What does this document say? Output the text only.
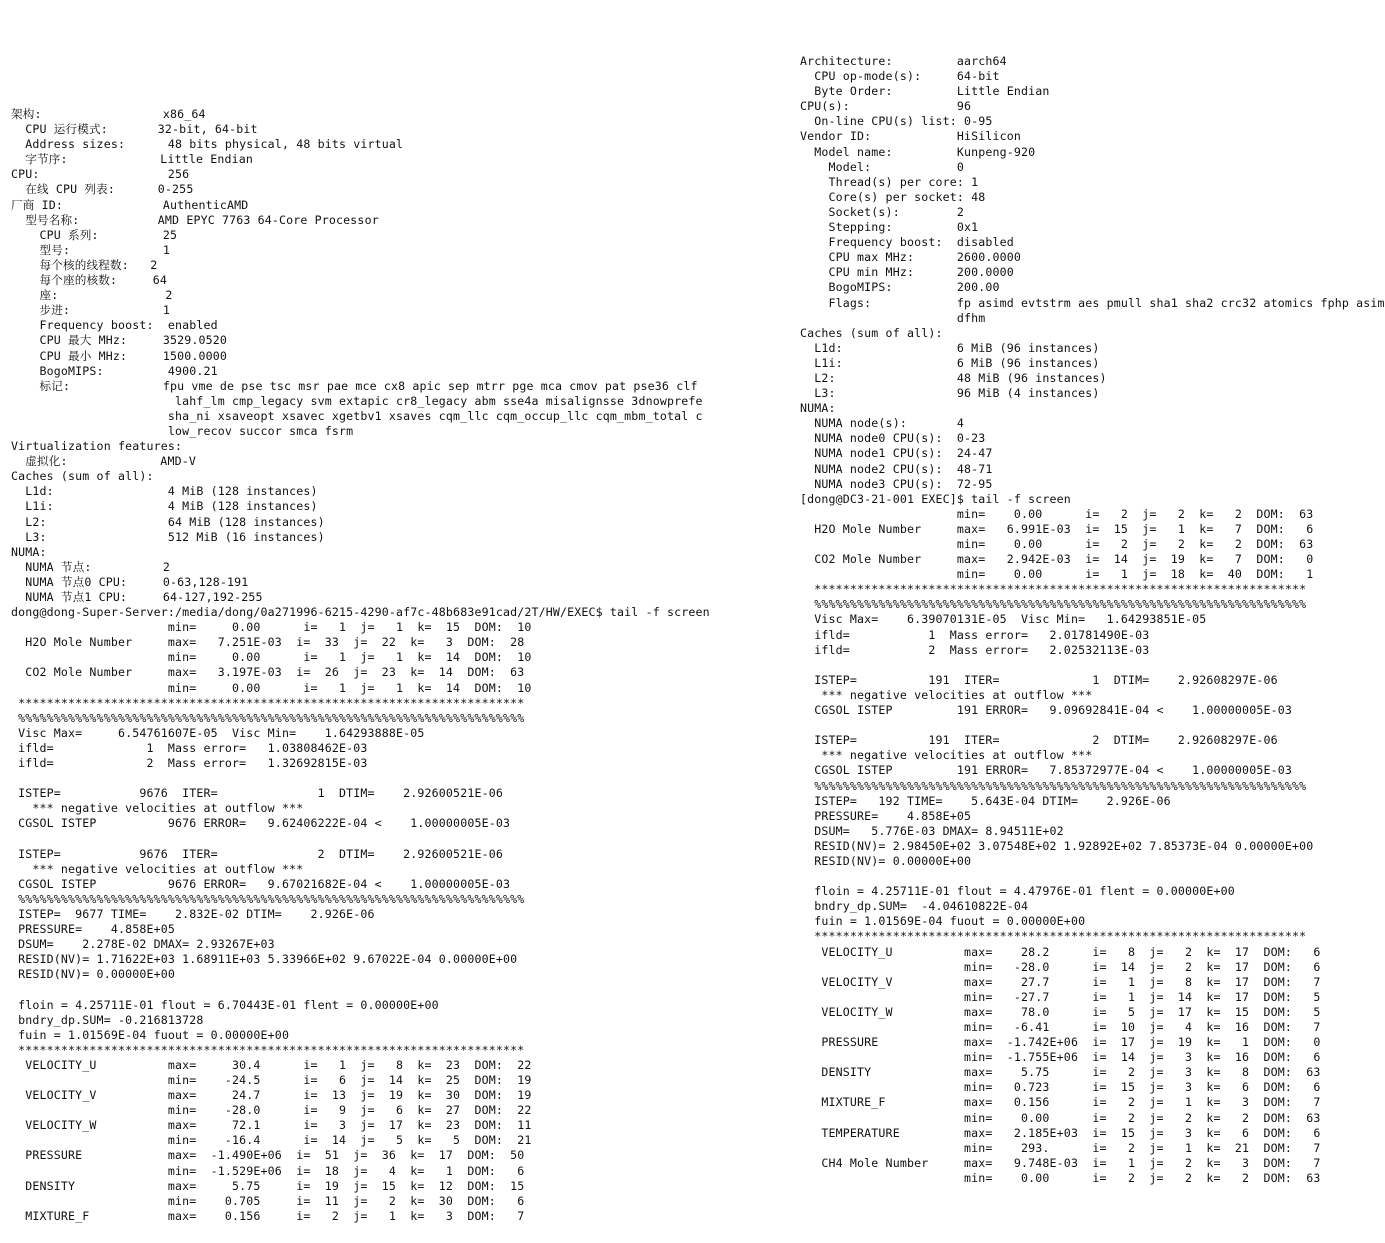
架构:                 x86_64
CPU 运行模式:       32-bit, 64-bit
Address sizes:      48 bits physical, 48 bits virtual
字节序:             Little Endian
CPU:                  256
在线 CPU 列表:      0-255
厂商 ID:              AuthenticAMD
型号名称:           AMD EPYC 7763 64-Core Processor
CPU 系列:         25
型号:             1
每个核的线程数:   2
每个座的核数:     64
座:               2
步进:             1
Frequency boost:  enabled
CPU 最大 MHz:     3529.0520
CPU 最小 MHz:     1500.0000
BogoMIPS:         4900.21
标记:             fpu vme de pse tsc msr pae mce cx8 apic sep mtrr pge mca cmov pat pse36 clf
lahf_lm cmp_legacy svm extapic cr8_legacy abm sse4a misalignsse 3dnowprefe
sha_ni xsaveopt xsavec xgetbv1 xsaves cqm_llc cqm_occup_llc cqm_mbm_total c
low_recov succor smca fsrm
Virtualization features:
虚拟化:             AMD-V
Caches (sum of all):
L1d:                4 MiB (128 instances)
L1i:                4 MiB (128 instances)
L2:                 64 MiB (128 instances)
L3:                 512 MiB (16 instances)
NUMA:
NUMA 节点:          2
NUMA 节点0 CPU:     0-63,128-191
NUMA 节点1 CPU:     64-127,192-255
dong@dong-Super-Server:/media/dong/0a271996-6215-4290-af7c-48b683e91cad/2T/HW/EXEC$ tail -f screen
min=     0.00      i=   1  j=   1  k=  15  DOM:  10
H2O Mole Number     max=   7.251E-03  i=  33  j=  22  k=   3  DOM:  28
min=     0.00      i=   1  j=   1  k=  14  DOM:  10
CO2 Mole Number     max=   3.197E-03  i=  26  j=  23  k=  14  DOM:  63
min=     0.00      i=   1  j=   1  k=  14  DOM:  10
***********************************************************************
%%%%%%%%%%%%%%%%%%%%%%%%%%%%%%%%%%%%%%%%%%%%%%%%%%%%%%%%%%%%%%%%%%%%%%%
Visc Max=     6.54761607E-05  Visc Min=    1.64293888E-05
ifld=             1  Mass error=   1.03808462E-03
ifld=             2  Mass error=   1.32692815E-03
ISTEP=           9676  ITER=              1  DTIM=    2.92600521E-06
*** negative velocities at outflow ***
CGSOL ISTEP          9676 ERROR=   9.62406222E-04 <    1.00000005E-03
ISTEP=           9676  ITER=              2  DTIM=    2.92600521E-06
*** negative velocities at outflow ***
CGSOL ISTEP          9676 ERROR=   9.67021682E-04 <    1.00000005E-03
%%%%%%%%%%%%%%%%%%%%%%%%%%%%%%%%%%%%%%%%%%%%%%%%%%%%%%%%%%%%%%%%%%%%%%%
ISTEP=  9677 TIME=    2.832E-02 DTIM=    2.926E-06
PRESSURE=    4.858E+05
DSUM=    2.278E-02 DMAX= 2.93267E+03
RESID(NV)= 1.71622E+03 1.68911E+03 5.33966E+02 9.67022E-04 0.00000E+00
RESID(NV)= 0.00000E+00
floin = 4.25711E-01 flout = 6.70443E-01 flent = 0.00000E+00
bndry_dp.SUM= -0.216813728
fuin = 1.01569E-04 fuout = 0.00000E+00
***********************************************************************
VELOCITY_U          max=     30.4      i=   1  j=   8  k=  23  DOM:  22
min=    -24.5      i=   6  j=  14  k=  25  DOM:  19
VELOCITY_V          max=     24.7      i=  13  j=  19  k=  30  DOM:  19
min=    -28.0      i=   9  j=   6  k=  27  DOM:  22
VELOCITY_W          max=     72.1      i=   3  j=  17  k=  23  DOM:  11
min=    -16.4      i=  14  j=   5  k=   5  DOM:  21
PRESSURE            max=  -1.490E+06  i=  51  j=  36  k=  17  DOM:  50
min=  -1.529E+06  i=  18  j=   4  k=   1  DOM:   6
DENSITY             max=     5.75     i=  19  j=  15  k=  12  DOM:  15
min=    0.705     i=  11  j=   2  k=  30  DOM:   6
MIXTURE_F           max=    0.156     i=   2  j=   1  k=   3  DOM:   7

Architecture:         aarch64
CPU op-mode(s):     64-bit
Byte Order:         Little Endian
CPU(s):               96
On-line CPU(s) list: 0-95
Vendor ID:            HiSilicon
Model name:         Kunpeng-920
Model:            0
Thread(s) per core: 1
Core(s) per socket: 48
Socket(s):        2
Stepping:         0x1
Frequency boost:  disabled
CPU max MHz:      2600.0000
CPU min MHz:      200.0000
BogoMIPS:         200.00
Flags:            fp asimd evtstrm aes pmull sha1 sha2 crc32 atomics fphp asim
dfhm
Caches (sum of all):
L1d:                6 MiB (96 instances)
L1i:                6 MiB (96 instances)
L2:                 48 MiB (96 instances)
L3:                 96 MiB (4 instances)
NUMA:
NUMA node(s):       4
NUMA node0 CPU(s):  0-23
NUMA node1 CPU(s):  24-47
NUMA node2 CPU(s):  48-71
NUMA node3 CPU(s):  72-95
[dong@DC3-21-001 EXEC]$ tail -f screen
min=    0.00      i=   2  j=   2  k=   2  DOM:  63
H2O Mole Number     max=   6.991E-03  i=  15  j=   1  k=   7  DOM:   6
min=    0.00      i=   2  j=   2  k=   2  DOM:  63
CO2 Mole Number     max=   2.942E-03  i=  14  j=  19  k=   7  DOM:   0
min=    0.00      i=   1  j=  18  k=  40  DOM:   1
*********************************************************************
%%%%%%%%%%%%%%%%%%%%%%%%%%%%%%%%%%%%%%%%%%%%%%%%%%%%%%%%%%%%%%%%%%%%%
Visc Max=    6.39070131E-05  Visc Min=   1.64293851E-05
ifld=           1  Mass error=   2.01781490E-03
ifld=           2  Mass error=   2.02532113E-03
ISTEP=          191  ITER=             1  DTIM=    2.92608297E-06
*** negative velocities at outflow ***
CGSOL ISTEP         191 ERROR=   9.09692841E-04 <    1.00000005E-03
ISTEP=          191  ITER=             2  DTIM=    2.92608297E-06
*** negative velocities at outflow ***
CGSOL ISTEP         191 ERROR=   7.85372977E-04 <    1.00000005E-03
%%%%%%%%%%%%%%%%%%%%%%%%%%%%%%%%%%%%%%%%%%%%%%%%%%%%%%%%%%%%%%%%%%%%%
ISTEP=   192 TIME=    5.643E-04 DTIM=    2.926E-06
PRESSURE=    4.858E+05
DSUM=   5.776E-03 DMAX= 8.94511E+02
RESID(NV)= 2.98450E+02 3.07548E+02 1.92892E+02 7.85373E-04 0.00000E+00
RESID(NV)= 0.00000E+00
floin = 4.25711E-01 flout = 4.47976E-01 flent = 0.00000E+00
bndry_dp.SUM=  -4.04610822E-04
fuin = 1.01569E-04 fuout = 0.00000E+00
*********************************************************************
VELOCITY_U          max=    28.2      i=   8  j=   2  k=  17  DOM:   6
min=   -28.0      i=  14  j=   2  k=  17  DOM:   6
VELOCITY_V          max=    27.7      i=   1  j=   8  k=  17  DOM:   7
min=   -27.7      i=   1  j=  14  k=  17  DOM:   5
VELOCITY_W          max=    78.0      i=   5  j=  17  k=  15  DOM:   5
min=   -6.41      i=  10  j=   4  k=  16  DOM:   7
PRESSURE            max=  -1.742E+06  i=  17  j=  19  k=   1  DOM:   0
min=  -1.755E+06  i=  14  j=   3  k=  16  DOM:   6
DENSITY             max=    5.75      i=   2  j=   3  k=   8  DOM:  63
min=   0.723      i=  15  j=   3  k=   6  DOM:   6
MIXTURE_F           max=   0.156      i=   2  j=   1  k=   3  DOM:   7
min=    0.00      i=   2  j=   2  k=   2  DOM:  63
TEMPERATURE         max=   2.185E+03  i=  15  j=   3  k=   6  DOM:   6
min=    293.      i=   2  j=   1  k=  21  DOM:   7
CH4 Mole Number     max=   9.748E-03  i=   1  j=   2  k=   3  DOM:   7
min=    0.00      i=   2  j=   2  k=   2  DOM:  63
